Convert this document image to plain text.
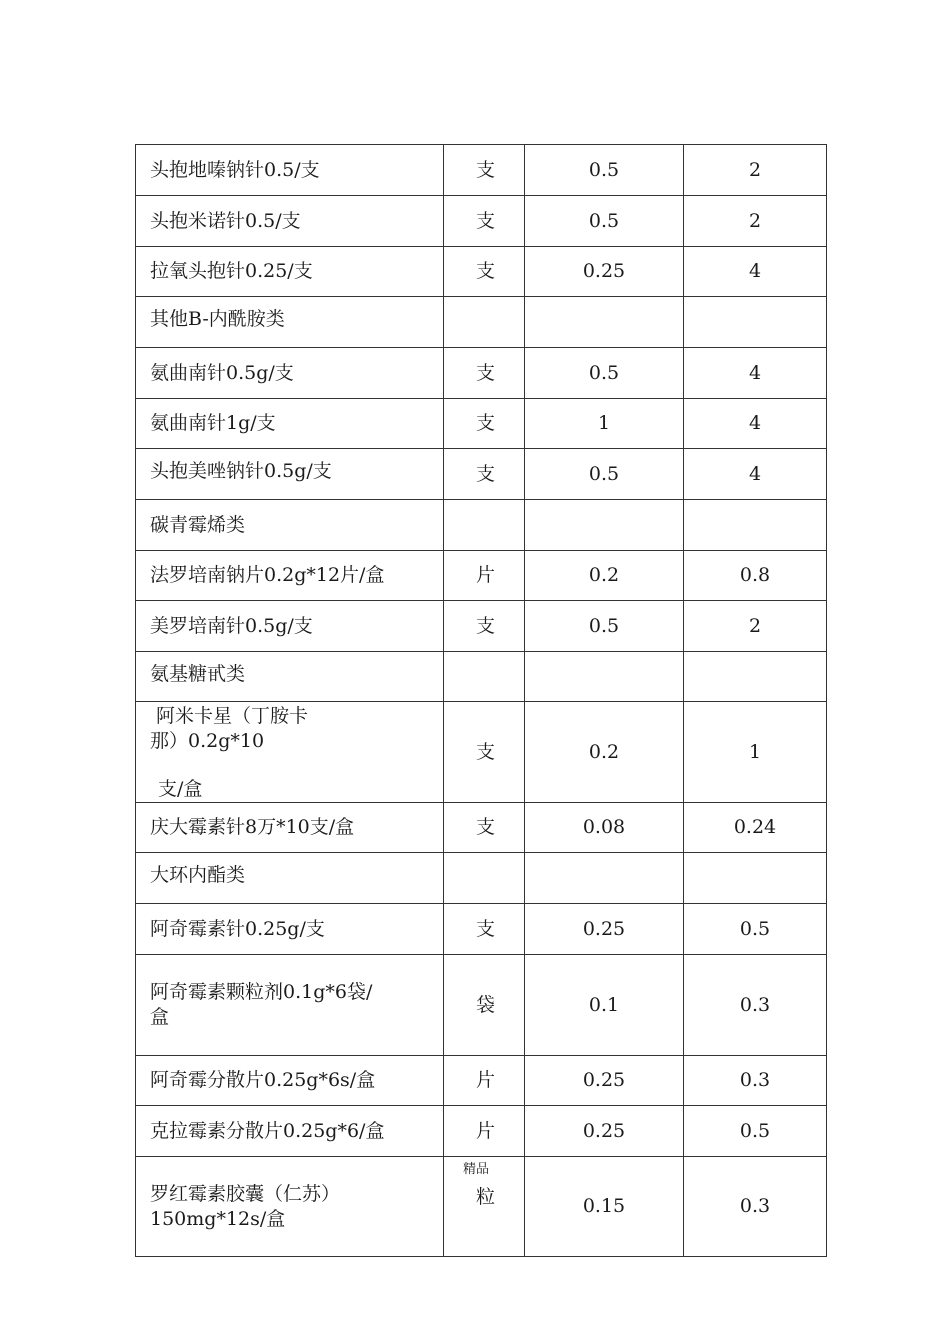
头抱地嗪钠针0.5/支	支	0.5	2
头抱米诺针0.5/支	支	0.5	2
拉氧头抱针0.25/支	支	0.25	4
其他B-内酰胺类			
氨曲南针0.5g/支	支	0.5	4
氨曲南针1g/支	支	1	4
头抱美唑钠针0.5g/支	支	0.5	4
碳青霉烯类			
法罗培南钠片0.2g*12片/盒	片	0.2	0.8
美罗培南针0.5g/支	支	0.5	2
氨基糖甙类			

阿米卡星（丁胺卡
那）0.2g*10
支/盒	支	0.2	1
庆大霉素针8万*10支/盒	支	0.08	0.24
大环内酯类			
阿奇霉素针0.25g/支	支	0.25	0.5

阿奇霉素颗粒剂0.1g*6袋/
盒	袋	0.1	0.3
阿奇霉分散片0.25g*6s/盒	片	0.25	0.3
克拉霉素分散片0.25g*6/盒	片	0.25	0.5

罗红霉素胶囊（仁苏）
150mg*12s/盒	粒	0.15	0.3
精品
